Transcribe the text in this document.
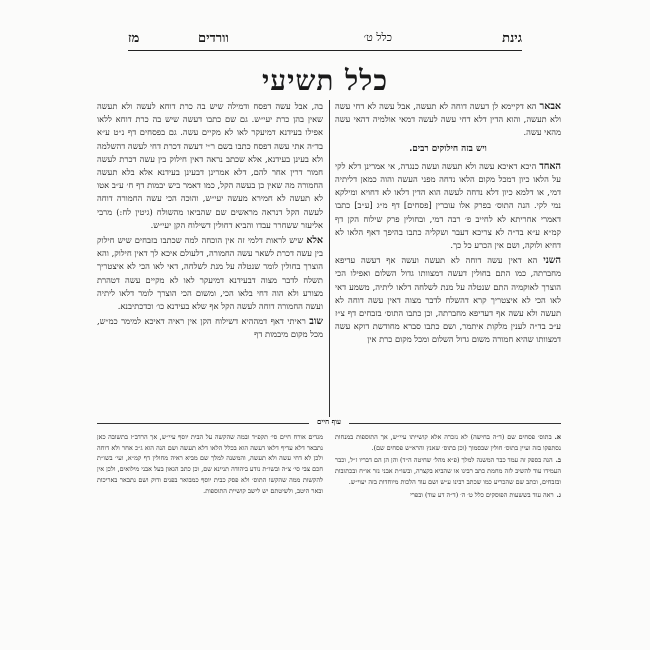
גינת
כלל ט׳
וורדים
מז
כלל תשיעי

אבאר הא דקיימא לן דעשה דוחה לא תעשה, אבל עשה לא דחי עשה ולא תעשה, והוא הדין דלא דחי עשה לעשה דמאי אולמיה דהאי עשה מהאי עשה.

ויש בזה חילוקים רבים.

האחד היכא דאיכא עשה ולא תעשה ועשה כנגדה, אי אמרינן דלא לקי על הלאו כיון דמכל מקום הלאו נדחה מפני העשה והוה כמאן דליתיה דמי, או דלמא כיון דלא נדחה לעשה הוא הדין דלאו לא דחויא ומילקא נמי לקי. הנה התוס׳ בפרק אלו עוברין [פסחים] דף מ״ג [ע״ב] כתבו דאמרי אחריתא לא לחייב פ׳ רבה דמי, ובחולין פרק שילוח הקן דף קמ״א ע״א בד״ה לא צריכא דעבר ושקליה כתבו בהיפך דאף הלאו לא דחיא ולוקה, ושם אין הכרע כל כך.

השני הא דאין עשה דוחה לא תעשה ועשה אף דעשה עדיפא מחברתה, כמו התם בחולין דעשה דמצוותו גדול השלום ואפילו הכי הוצרך לאוקמיה התם שנטלה על מנת לשלחה דלאו ליתיה, משמע דאי לאו הכי לא איצטריך קרא דהשלח לדבר מצוה דאין עשה דוחה לא תעשה ולא עשה אף דעדיפא מחברתה, וכן כתבו התוס׳ בזבחים דף צ״ז ע״ב בד״ה לענין מלקות איתמר, ושם כתבו סברא מחודשת דוקא עשה דמצוותו שהיא חמורה משום גדול השלום ומכל מקום כרת אין

בה, אבל עשה דפסח ודמילה שיש בה כרת דוחא לעשה ולא תעשה שאין בהן כרת יעי״ש. גם שם כתבו דעשה שיש בה כרת דוחא ללאו אפילו בעידנא דמיעקר לאו לא מקיים עשה. גם בפסחים דף נ״ט ע״א בד״ה אתי עשה דפסח כתבו בשם ר״י דעשה דכרת דחי לעשה דהשלמה ולא בעינן בעידנא, אלא שכתב נראה דאין חילוק בין עשה דכרת לעשה חמור דרין אחר להם, דלא אמרינן דבעינן בעידנא אלא בלא תעשה החמורה מה שאין כן בעשה הקל, כמו דאמר ביש יבמות דף ח׳ ע״ב אטו לא תעשה לא חמירא מעשה יעי״ש, והוכה הכי עשה החמורה דוחה לעשה הקל דנראה מראשים שם שהביאו מהשולח (גיטין לח:) מרבי אליעזר ששחרר עבדו והביא דחולין דשילוח הקן יעי״ש.

אלא שיש לראות דלמי זה אין הוכחה למה שכתבו בזבחים שיש חילוק בין עשה דכרת לשאר עשה החמורה, דלעולם איכא לך דאין חילוק, והא הוצרך בחולין לומר שנטלה על מנת לשלחה, דאי לאו הכי לא איצטריך תשלח לדבר מצוה דבעידנא דמיעקר לאו לא מקיים עשה דטהרת מצורע ולא הוה דחי בלאו הכי, ומשום הכי הוצרך לומר דלאו ליתיה ועשה החמורה דוחה לעשה הקל אף שלא בעידנא כו׳ וכדכתיבנא.

שוב ראיתי דאף דמההיא דשילוח הקן אין ראיה דאיכא למימר כמ״ש, מכל מקום מיבמות דף

עוף חיים

א.בתוס׳ פסחים שם (ד״ה בחישה) לא נזכרה אלא קושייתו עיי״ש, אך התוספות במנחות נסתפקו בזה ועיין בתוס׳ חולין שבסמוך (וכן בתוס׳ שאנץ והרא״ש פסחים שם).

ב.הנה בספק זה עמד כבר המשנה למלך (פ״א מהל׳ שחיטה ה״ד) והן הן הם דבריו ז״ל, וכבר העמידו עוד להשיב לזה מחמת כתב רבינו או שהביא בקצרה, ובשו״ת אבני נזר או״ח ובכתובות ובזבחים, וכתב שם שהכריע כמו שכתב רבינו ע״ש ושם עוד הלכות מיוחדות בזה יעוי״ש.

ג.ראה עוד בששעות הפוסקים כלל ט׳ ה׳ (ד״ה דע עוד) ובפרי

מגדים אורח חיים סי׳ תקפ״ד ובמה שהקשה על הבית יוסף עיי״ש, אך הרדב״ז בתשובה כאן נתבאר דלא עדיף דלאו דעשה הוא בכלל הלאו דלא תעשה ושם הנה הוא ג״כ אחר ולא דוחה ולכן לא דחי עשה ולא תעשה, והמשנה למלך שם מביא ראיה מחולין דף קמ״א, ועי׳ בשו״ת חכם צבי סי׳ צ״ה ובשו״ת נודע ביהודה תניינא שם, וכן כתב הגאון בעל אבני מילואים, ולכן אין להקשות ממה שהקשו התוס׳ ולא פסק כבית יוסף כמבואר בפנים ודוק ושם נתבאר באריכות ובאר היטב, ולשיטתם יש לישב קושיית התוספות.
